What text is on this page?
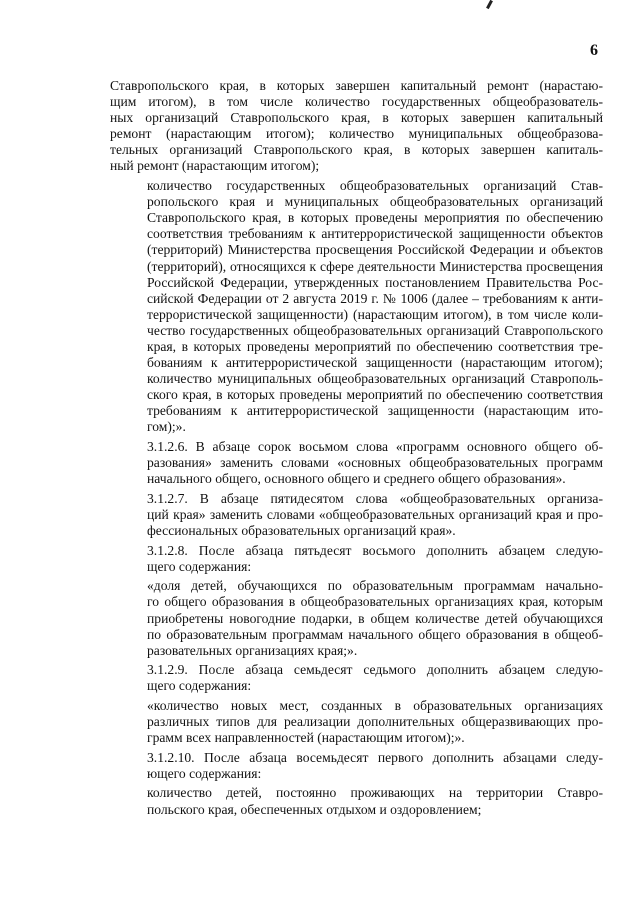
6
Ставропольского края, в которых завершен капитальный ремонт (нарастаю-
щим итогом), в том числе количество государственных общеобразователь-
ных организаций Ставропольского края, в которых завершен капитальный
ремонт (нарастающим итогом); количество муниципальных общеобразова-
тельных организаций Ставропольского края, в которых завершен капиталь-
ный ремонт (нарастающим итогом);
количество государственных общеобразовательных организаций Став-
ропольского края и муниципальных общеобразовательных организаций
Ставропольского края, в которых проведены мероприятия по обеспечению
соответствия требованиям к антитеррористической защищенности объектов
(территорий) Министерства просвещения Российской Федерации и объектов
(территорий), относящихся к сфере деятельности Министерства просвещения
Российской Федерации, утвержденных постановлением Правительства Рос-
сийской Федерации от 2 августа 2019 г. № 1006 (далее – требованиям к анти-
террористической защищенности) (нарастающим итогом), в том числе коли-
чество государственных общеобразовательных организаций Ставропольского
края, в которых проведены мероприятий по обеспечению соответствия тре-
бованиям к антитеррористической защищенности (нарастающим итогом);
количество муниципальных общеобразовательных организаций Ставрополь-
ского края, в которых проведены мероприятий по обеспечению соответствия
требованиям к антитеррористической защищенности (нарастающим ито-
гом);».
3.1.2.6. В абзаце сорок восьмом слова «программ основного общего об-
разования» заменить словами «основных общеобразовательных программ
начального общего, основного общего и среднего общего образования».
3.1.2.7. В абзаце пятидесятом слова «общеобразовательных организа-
ций края» заменить словами «общеобразовательных организаций края и про-
фессиональных образовательных организаций края».
3.1.2.8. После абзаца пятьдесят восьмого дополнить абзацем следую-
щего содержания:
«доля детей, обучающихся по образовательным программам начально-
го общего образования в общеобразовательных организациях края, которым
приобретены новогодние подарки, в общем количестве детей обучающихся
по образовательным программам начального общего образования в общеоб-
разовательных организациях края;».
3.1.2.9. После абзаца семьдесят седьмого дополнить абзацем следую-
щего содержания:
«количество новых мест, созданных в образовательных организациях
различных типов для реализации дополнительных общеразвивающих про-
грамм всех направленностей (нарастающим итогом);».
3.1.2.10. После абзаца восемьдесят первого дополнить абзацами следу-
ющего содержания:
количество детей, постоянно проживающих на территории Ставро-
польского края, обеспеченных отдыхом и оздоровлением;
